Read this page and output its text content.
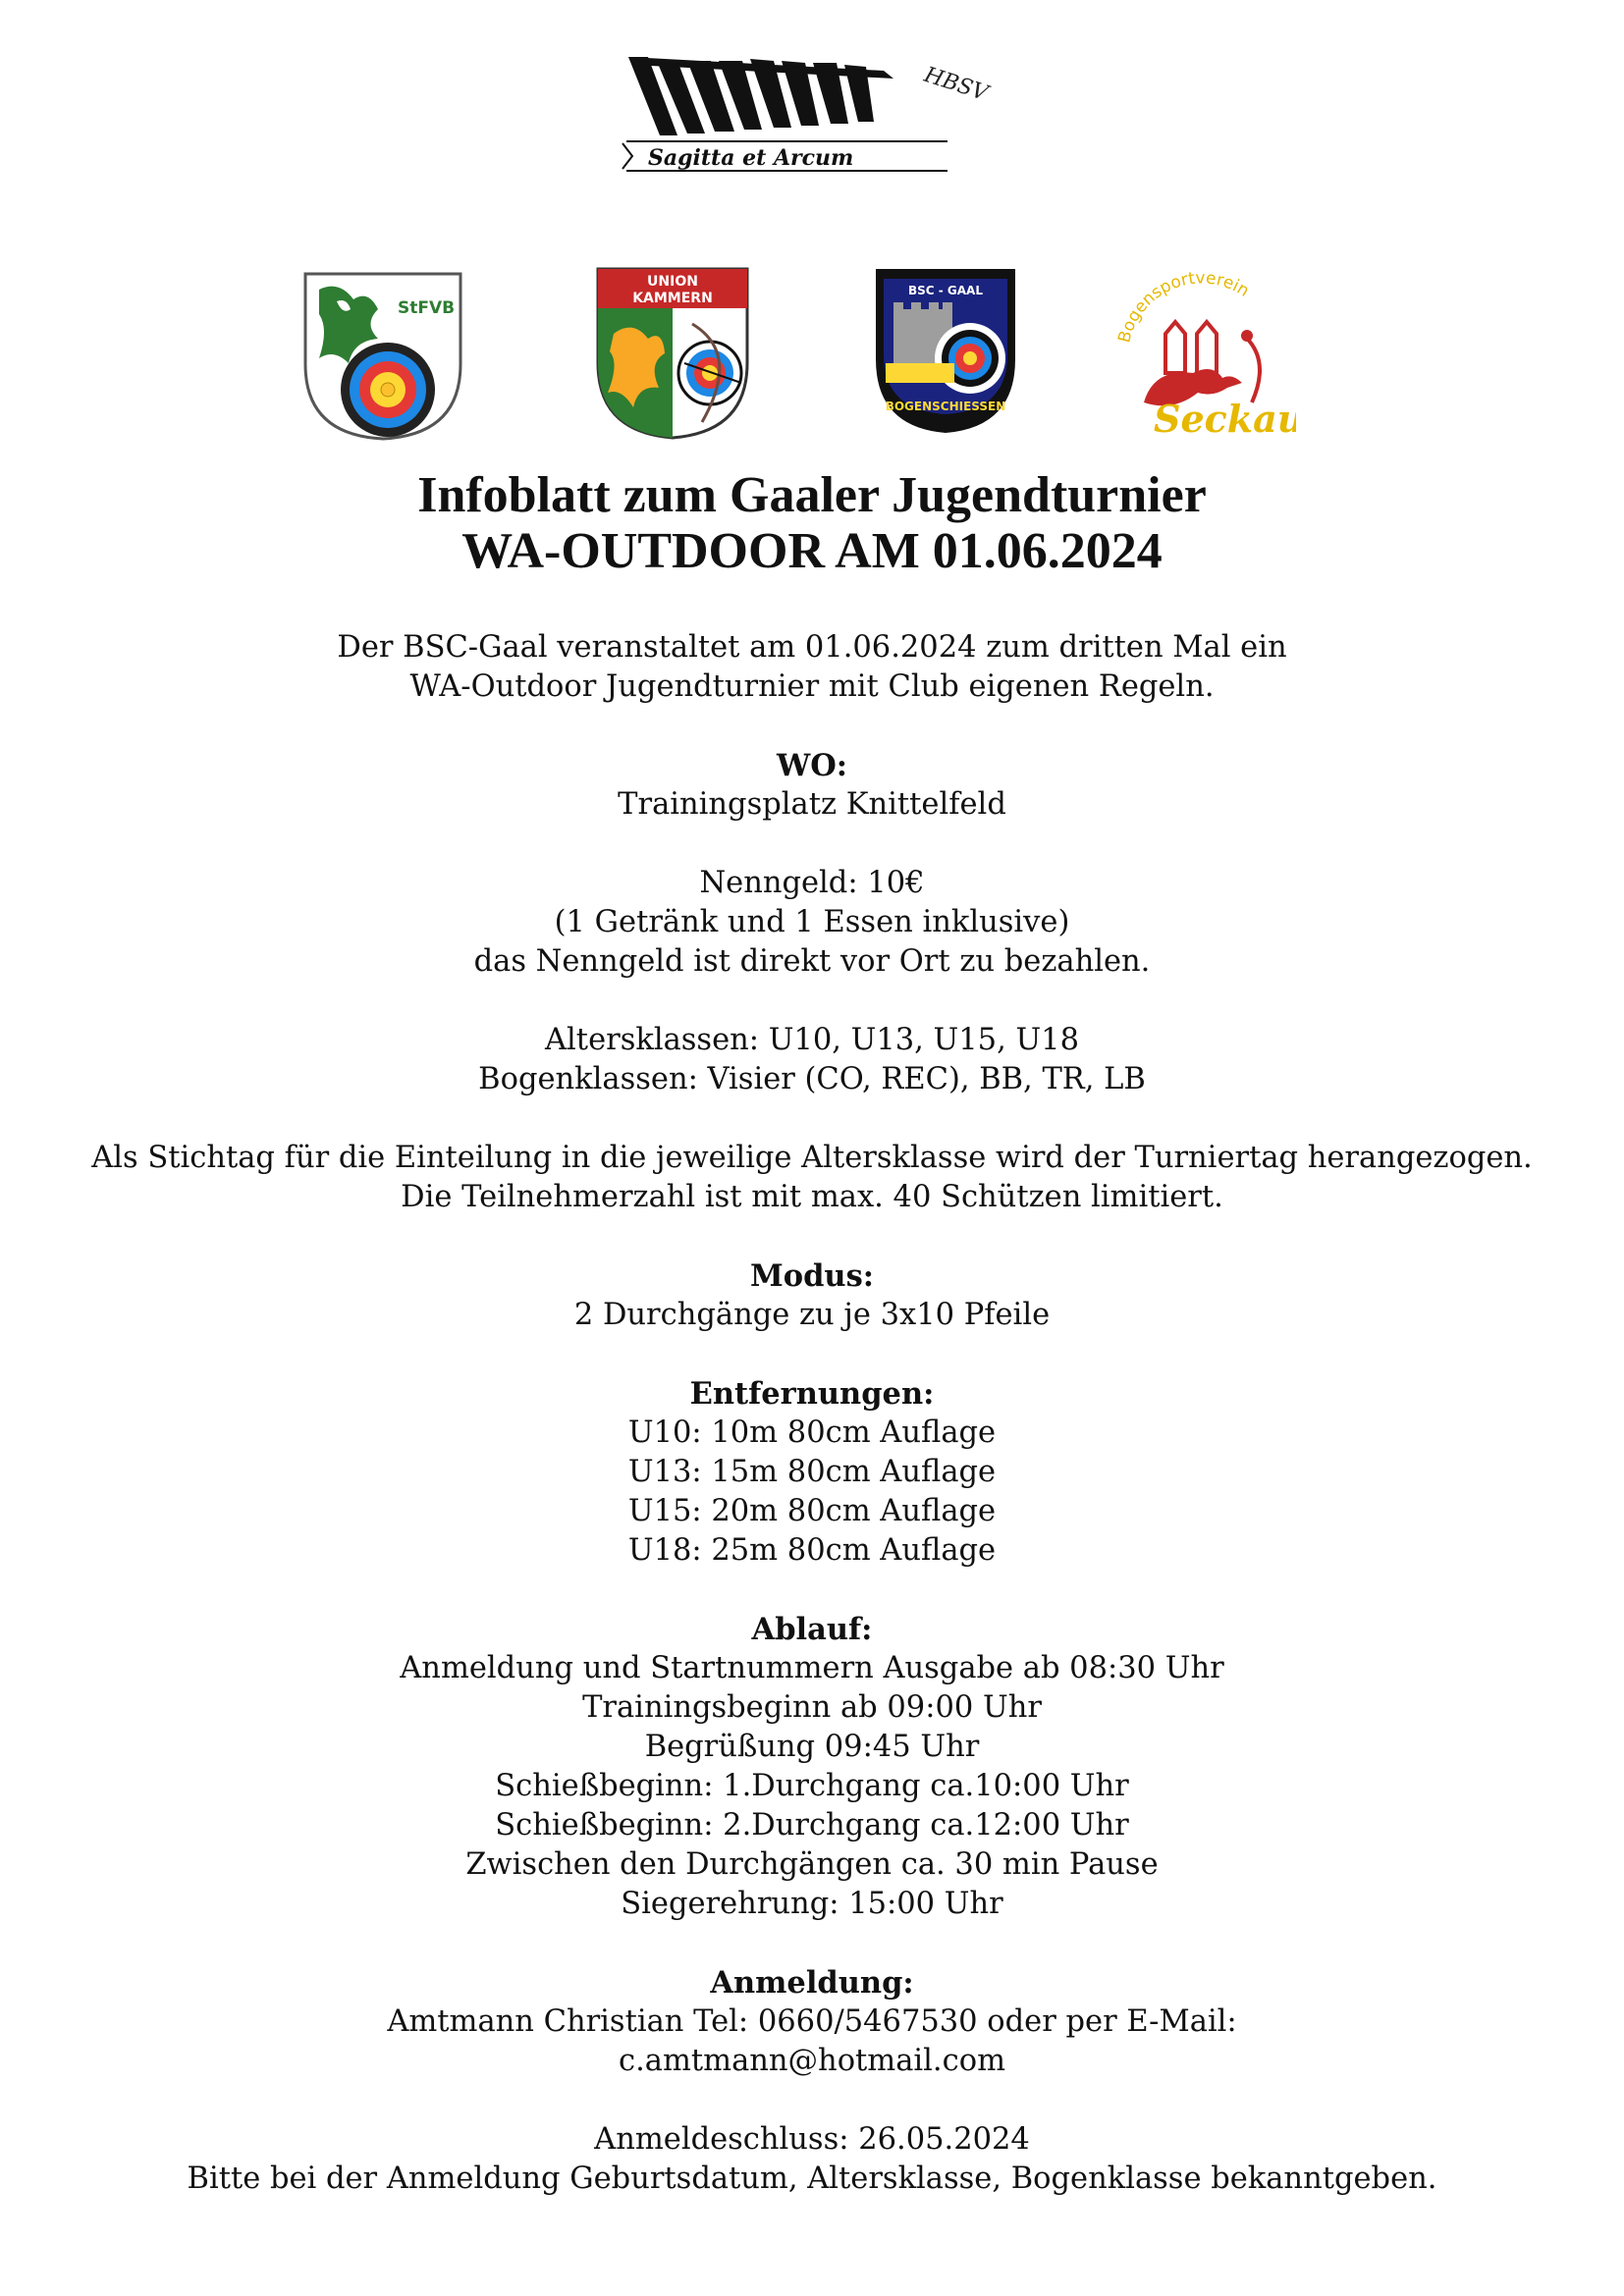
HBSV
Sagitta et Arcum
StFVB
UNION
KAMMERN	BSC - GAAL
BOGENSCHIESSEN
Bogensportverein
Seckau
Infoblatt zum Gaaler Jugendturnier
WA-OUTDOOR AM 01.06.2024

Der BSC-Gaal veranstaltet am 01.06.2024 zum dritten Mal ein

WA-Outdoor Jugendturnier mit Club eigenen Regeln.

WO:

Trainingsplatz Knittelfeld

Nenngeld: 10€

(1 Getränk und 1 Essen inklusive)

das Nenngeld ist direkt vor Ort zu bezahlen.

Altersklassen: U10, U13, U15, U18

Bogenklassen: Visier (CO, REC), BB, TR, LB

Als Stichtag für die Einteilung in die jeweilige Altersklasse wird der Turniertag herangezogen.

Die Teilnehmerzahl ist mit max. 40 Schützen limitiert.

Modus:

2 Durchgänge zu je 3x10 Pfeile

Entfernungen:

U10: 10m 80cm Auflage

U13: 15m 80cm Auflage

U15: 20m 80cm Auflage

U18: 25m 80cm Auflage

Ablauf:

Anmeldung und Startnummern Ausgabe ab 08:30 Uhr

Trainingsbeginn ab 09:00 Uhr

Begrüßung 09:45 Uhr

Schießbeginn: 1.Durchgang ca.10:00 Uhr

Schießbeginn: 2.Durchgang ca.12:00 Uhr

Zwischen den Durchgängen ca. 30 min Pause

Siegerehrung: 15:00 Uhr

Anmeldung:

Amtmann Christian Tel: 0660/5467530 oder per E-Mail:

c.amtmann@hotmail.com

Anmeldeschluss: 26.05.2024

Bitte bei der Anmeldung Geburtsdatum, Altersklasse, Bogenklasse bekanntgeben.
